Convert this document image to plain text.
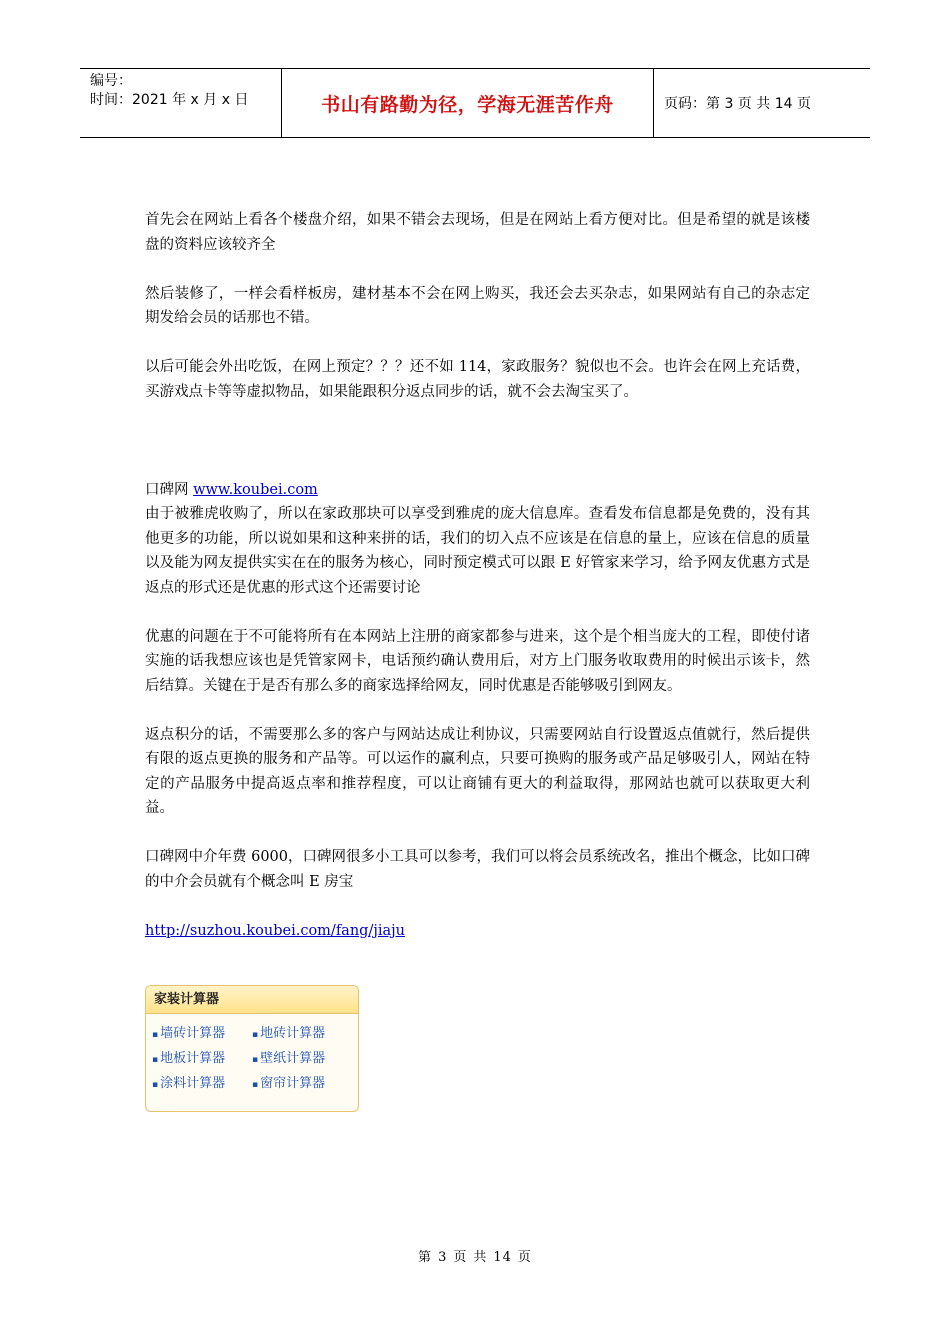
编号：
时间：2021 年 x 月 x 日	书山有路勤为径，学海无涯苦作舟	页码：第 3 页 共 14 页

首先会在网站上看各个楼盘介绍，如果不错会去现场，但是在网站上看方便对比。但是希望的就是该楼盘的资料应该较齐全

然后装修了，一样会看样板房，建材基本不会在网上购买，我还会去买杂志，如果网站有自己的杂志定期发给会员的话那也不错。

以后可能会外出吃饭，在网上预定？？？还不如 114，家政服务？貌似也不会。也许会在网上充话费，买游戏点卡等等虚拟物品，如果能跟积分返点同步的话，就不会去淘宝买了。

口碑网 www.koubei.com

由于被雅虎收购了，所以在家政那块可以享受到雅虎的庞大信息库。查看发布信息都是免费的，没有其他更多的功能，所以说如果和这种来拼的话，我们的切入点不应该是在信息的量上，应该在信息的质量以及能为网友提供实实在在的服务为核心，同时预定模式可以跟 E 好管家来学习，给予网友优惠方式是返点的形式还是优惠的形式这个还需要讨论

优惠的问题在于不可能将所有在本网站上注册的商家都参与进来，这个是个相当庞大的工程，即使付诸实施的话我想应该也是凭管家网卡，电话预约确认费用后，对方上门服务收取费用的时候出示该卡，然后结算。关键在于是否有那么多的商家选择给网友，同时优惠是否能够吸引到网友。

返点积分的话，不需要那么多的客户与网站达成让利协议，只需要网站自行设置返点值就行，然后提供有限的返点更换的服务和产品等。可以运作的赢利点，只要可换购的服务或产品足够吸引人，网站在特定的产品服务中提高返点率和推荐程度，可以让商铺有更大的利益取得，那网站也就可以获取更大利益。

口碑网中介年费 6000，口碑网很多小工具可以参考，我们可以将会员系统改名，推出个概念，比如口碑的中介会员就有个概念叫 E 房宝

http://suzhou.koubei.com/fang/jiaju
家装计算器
▪ 墙砖计算器	▪ 地砖计算器
▪ 地板计算器	▪ 壁纸计算器
▪ 涂料计算器	▪ 窗帘计算器
第 3 页 共 14 页
